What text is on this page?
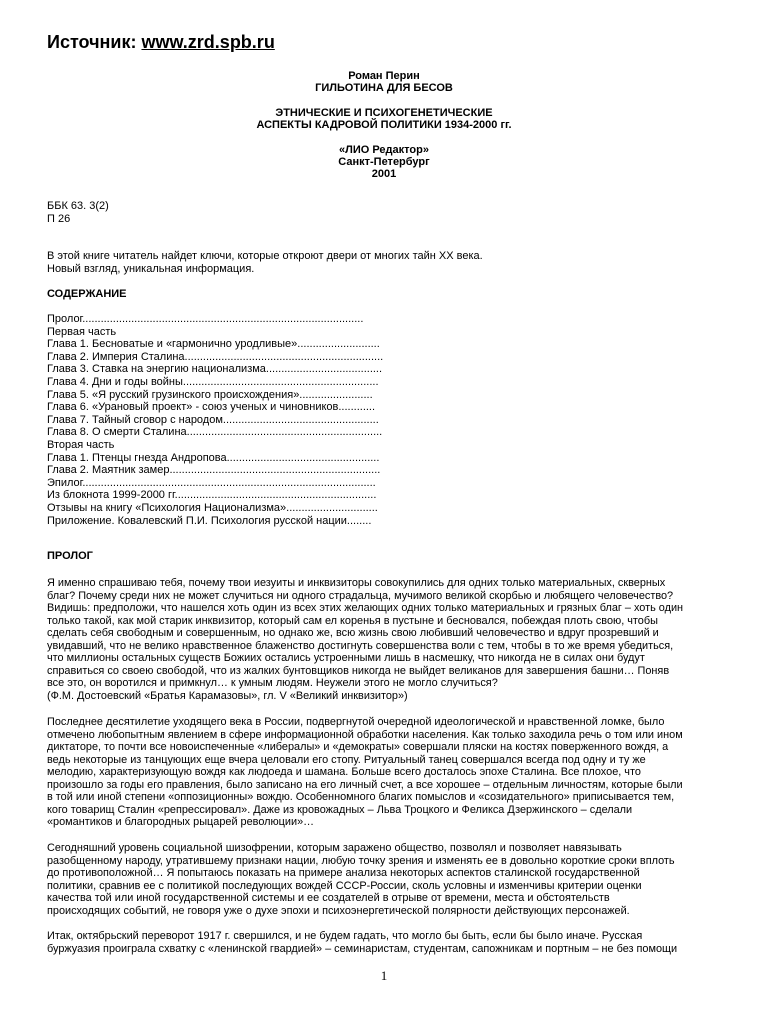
Источник: www.zrd.spb.ru
Роман Перин
ГИЛЬОТИНА ДЛЯ БЕСОВ
ЭТНИЧЕСКИЕ И ПСИХОГЕНЕТИЧЕСКИЕ
АСПЕКТЫ КАДРОВОЙ ПОЛИТИКИ 1934-2000 гг.
«ЛИО Редактор»
Санкт-Петербург
2001
ББК 63. 3(2)
П 26
В этой книге читатель найдет ключи, которые откроют двери от многих тайн ХХ века.
Новый взгляд, уникальная информация.
СОДЕРЖАНИЕ
Пролог............................................................................................
Первая часть
Глава 1. Бесноватые и «гармонично уродливые»...........................
Глава 2. Империя Сталина.................................................................
Глава 3. Ставка на энергию национализма......................................
Глава 4. Дни и годы войны................................................................
Глава 5. «Я русский грузинского происхождения»........................
Глава 6. «Урановый проект» - союз ученых и чиновников............
Глава 7. Тайный сговор с народом...................................................
Глава 8. О смерти Сталина................................................................
Вторая часть
Глава 1. Птенцы гнезда Андропова..................................................
Глава 2. Маятник замер.....................................................................
Эпилог................................................................................................
Из блокнота 1999-2000 гг..................................................................
Отзывы на книгу «Психология Национализма»..............................
Приложение. Ковалевский П.И. Психология русской нации........
ПРОЛОГ
Я именно спрашиваю тебя, почему твои иезуиты и инквизиторы совокупились для одних только материальных, скверных
благ? Почему среди них не может случиться ни одного страдальца, мучимого великой скорбью и любящего человечество?
Видишь: предположи, что нашелся хоть один из всех этих желающих одних только материальных и грязных благ – хоть один
только такой, как мой старик инквизитор, который сам ел коренья в пустыне и бесновался, побеждая плоть свою, чтобы
сделать себя свободным и совершенным, но однако же, всю жизнь свою любивший человечество и вдруг прозревший и
увидавший, что не велико нравственное блаженство достигнуть совершенства воли с тем, чтобы в то же время убедиться,
что миллионы остальных существ Божиих остались устроенными лишь в насмешку, что никогда не в силах они будут
справиться со своею свободой, что из жалких бунтовщиков никогда не выйдет великанов для завершения башни… Поняв
все это, он воротился и примкнул… к умным людям. Неужели этого не могло случиться?
(Ф.М. Достоевский «Братья Карамазовы», гл. V «Великий инквизитор»)
Последнее десятилетие уходящего века в России, подвергнутой очередной идеологической и нравственной ломке, было
отмечено любопытным явлением в сфере информационной обработки населения. Как только заходила речь о том или ином
диктаторе, то почти все новоиспеченные «либералы» и «демократы» совершали пляски на костях поверженного вождя, а
ведь некоторые из танцующих еще вчера целовали его стопу. Ритуальный танец совершался всегда под одну и ту же
мелодию, характеризующую вождя как людоеда и шамана. Больше всего досталось эпохе Сталина. Все плохое, что
произошло за годы его правления, было записано на его личный счет, а все хорошее – отдельным личностям, которые были
в той или иной степени «оппозиционны» вождю. Особенномного благих помыслов и «созидательного» приписывается тем,
кого товарищ Сталин «репрессировал». Даже из кровожадных – Льва Троцкого и Феликса Дзержинского – сделали
«романтиков и благородных рыцарей революции»…
Сегодняшний уровень социальной шизофрении, которым заражено общество, позволял и позволяет навязывать
разобщенному народу, утратившему признаки нации, любую точку зрения и изменять ее в довольно короткие сроки вплоть
до противоположной… Я попытаюсь показать на примере анализа некоторых аспектов сталинской государственной
политики, сравнив ее с политикой последующих вождей СССР-России, сколь условны и изменчивы критерии оценки
качества той или иной государственной системы и ее создателей в отрыве от времени, места и обстоятельств
происходящих событий, не говоря уже о духе эпохи и психоэнергетической полярности действующих персонажей.
Итак, октябрьский переворот 1917 г. свершился, и не будем гадать, что могло бы быть, если бы было иначе. Русская
буржуазия проиграла схватку с «ленинской гвардией» – семинаристам, студентам, сапожникам и портным – не без помощи
1
